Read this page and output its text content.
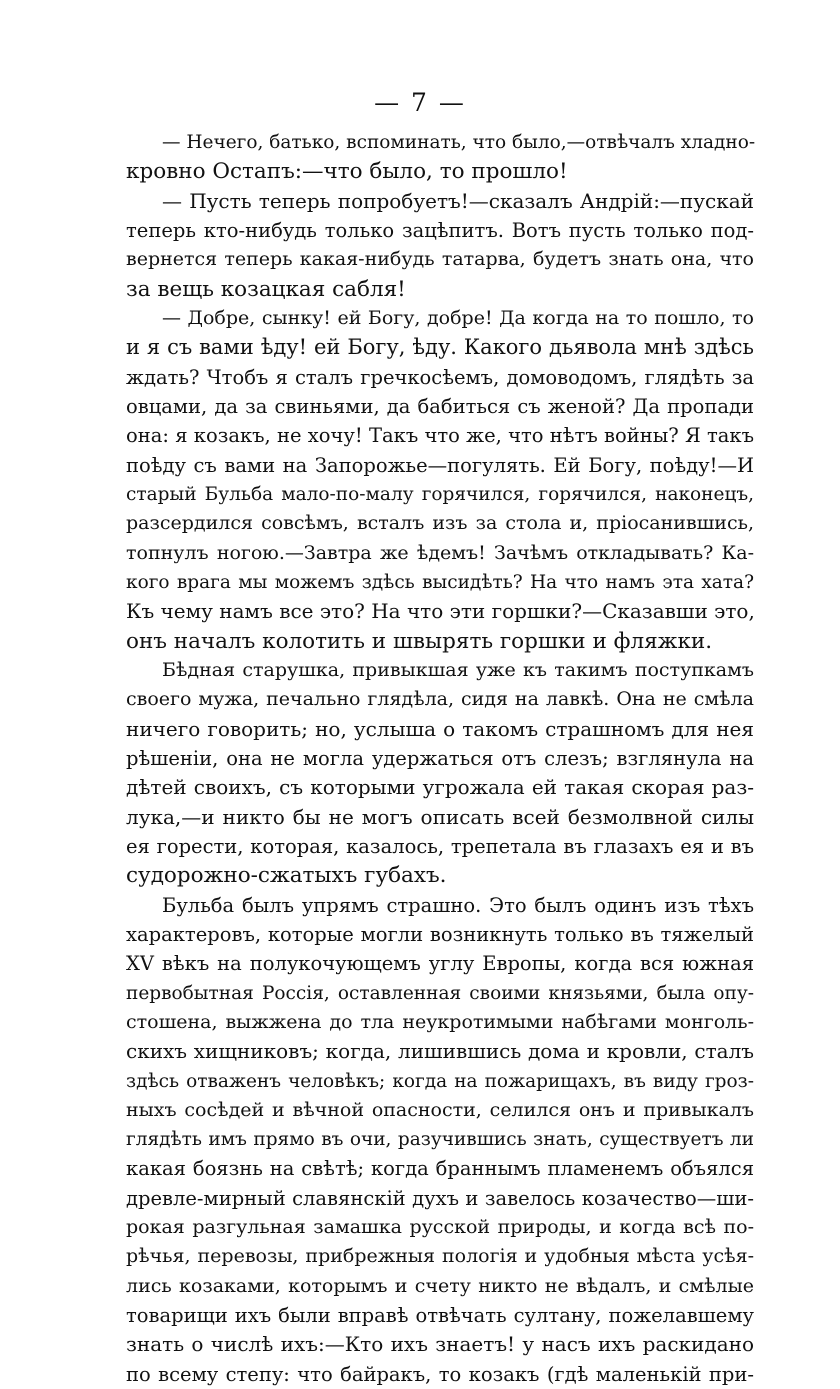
— 7 —
— Нечего, батько, вспоминать, что было,—отвѣчалъ хладно-
кровно Остапъ:—что было, то прошло!
— Пусть теперь попробуетъ!—сказалъ Андрiй:—пускай
теперь кто-нибудь только зацѣпитъ. Вотъ пусть только под-
вернется теперь какая-нибудь татарва, будетъ знать она, что
за вещь козацкая сабля!
— Добре, сынку! ей Богу, добре! Да когда на то пошло, то
и я съ вами ѣду! ей Богу, ѣду. Какого дьявола мнѣ здѣсь
ждать? Чтобъ я сталъ гречкосѣемъ, домоводомъ, глядѣть за
овцами, да за свиньями, да бабиться съ женой? Да пропади
она: я козакъ, не хочу! Такъ что же, что нѣтъ войны? Я такъ
поѣду съ вами на Запорожье—погулять. Ей Богу, поѣду!—И
старый Бульба мало-по-малу горячился, горячился, наконецъ,
разсердился совсѣмъ, всталъ изъ за стола и, прiосанившись,
топнулъ ногою.—Завтра же ѣдемъ! Зачѣмъ откладывать? Ка-
кого врага мы можемъ здѣсь высидѣть? На что намъ эта хата?
Къ чему намъ все это? На что эти горшки?—Сказавши это,
онъ началъ колотить и швырять горшки и фляжки.
Бѣдная старушка, привыкшая уже къ такимъ поступкамъ
своего мужа, печально глядѣла, сидя на лавкѣ. Она не смѣла
ничего говорить; но, услыша о такомъ страшномъ для нея
рѣшенiи, она не могла удержаться отъ слезъ; взглянула на
дѣтей своихъ, съ которыми угрожала ей такая скорая раз-
лука,—и никто бы не могъ описать всей безмолвной силы
ея горести, которая, казалось, трепетала въ глазахъ ея и въ
судорожно-сжатыхъ губахъ.
Бульба былъ упрямъ страшно. Это былъ одинъ изъ тѣхъ
характеровъ, которые могли возникнуть только въ тяжелый
XV вѣкъ на полукочующемъ углу Европы, когда вся южная
первобытная Россiя, оставленная своими князьями, была опу-
стошена, выжжена до тла неукротимыми набѣгами монголь-
скихъ хищниковъ; когда, лишившись дома и кровли, сталъ
здѣсь отваженъ человѣкъ; когда на пожарищахъ, въ виду гроз-
ныхъ сосѣдей и вѣчной опасности, селился онъ и привыкалъ
глядѣть имъ прямо въ очи, разучившись знать, существуетъ ли
какая боязнь на свѣтѣ; когда браннымъ пламенемъ объялся
древле-мирный славянскiй духъ и завелось козачество—ши-
рокая разгульная замашка русской природы, и когда всѣ по-
рѣчья, перевозы, прибрежныя пологiя и удобныя мѣста усѣя-
лись козаками, которымъ и счету никто не вѣдалъ, и смѣлые
товарищи ихъ были вправѣ отвѣчать султану, пожелавшему
знать о числѣ ихъ:—Кто ихъ знаетъ! у насъ ихъ раскидано
по всему степу: что байракъ, то козакъ (гдѣ маленькiй при-
